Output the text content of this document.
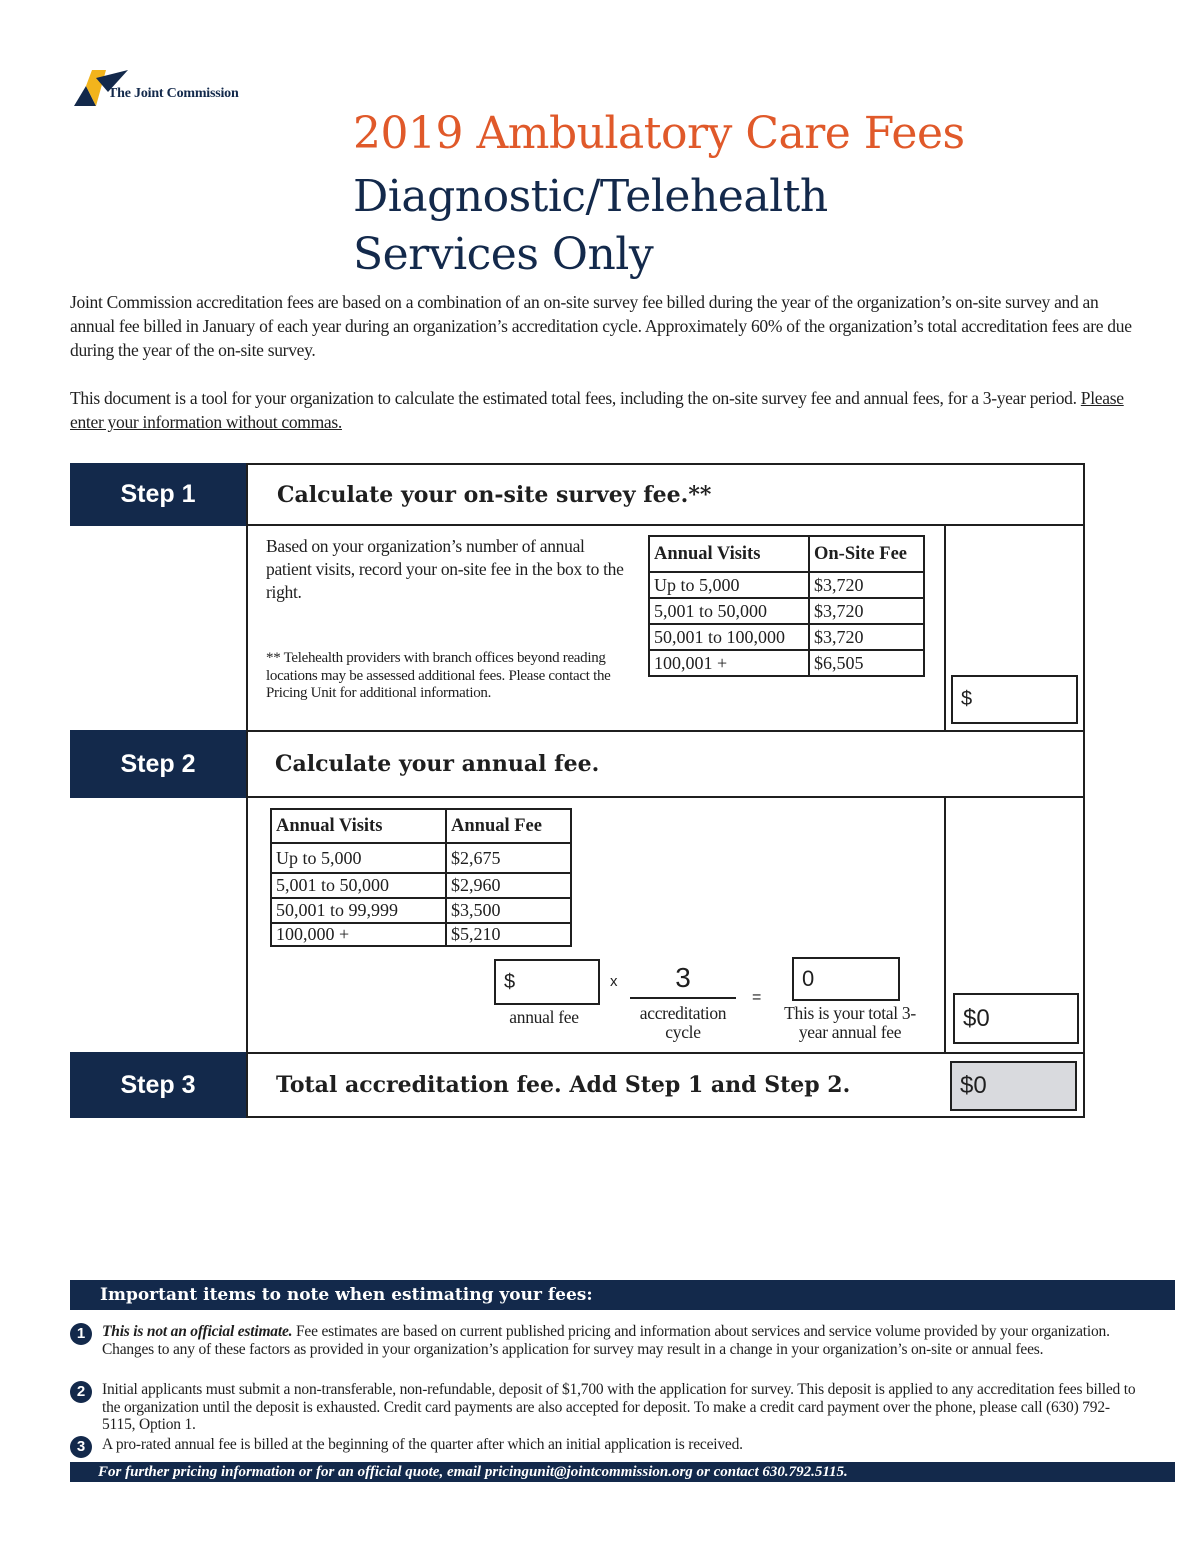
The Joint Commission
2019 Ambulatory Care Fees
Diagnostic/Telehealth
Services Only

Joint Commission accreditation fees are based on a combination of an on-site survey fee billed during the year of the organization’s on-site survey and an annual fee billed in January of each year during an organization’s accreditation cycle. Approximately 60% of the organization’s total accreditation fees are due during the year of the on-site survey.

This document is a tool for your organization to calculate the estimated total fees, including the on-site survey fee and annual fees, for a 3-year period. Please enter your information without commas.

Step 1	Calculate your on-site survey fee.**
Based on your organization’s number of annual patient visits, record your on-site fee in the box to the right.
** Telehealth providers with branch offices beyond reading locations may be assessed additional fees. Please contact the Pricing Unit for additional information.
Annual Visits	On-Site Fee
Up to 5,000	$3,720
5,001 to 50,000	$3,720
50,001 to 100,000	$3,720
100,001 +	$6,505
$
Step 2	Calculate your annual fee.
Annual Visits	Annual Fee
Up to 5,000	$2,675
5,001 to 50,000	$2,960
50,001 to 99,999	$3,500
100,000 +	$5,210
$
annual fee
x	3
accreditation cycle
=
0
This is your total 3-year annual fee
$ 0
Step 3	Total accreditation fee. Add Step 1 and Step 2.	$ 0
Important items to note when estimating your fees:
1	This is not an official estimate. Fee estimates are based on current published pricing and information about services and service volume provided by your organization. Changes to any of these factors as provided in your organization’s application for survey may result in a change in your organization’s on-site or annual fees.
2	Initial applicants must submit a non-transferable, non-refundable, deposit of $1,700 with the application for survey. This deposit is applied to any accreditation fees billed to the organization until the deposit is exhausted. Credit card payments are also accepted for deposit. To make a credit card payment over the phone, please call (630) 792-5115, Option 1.
3	A pro-rated annual fee is billed at the beginning of the quarter after which an initial application is received.
For further pricing information or for an official quote, email pricingunit@jointcommission.org or contact 630.792.5115.
